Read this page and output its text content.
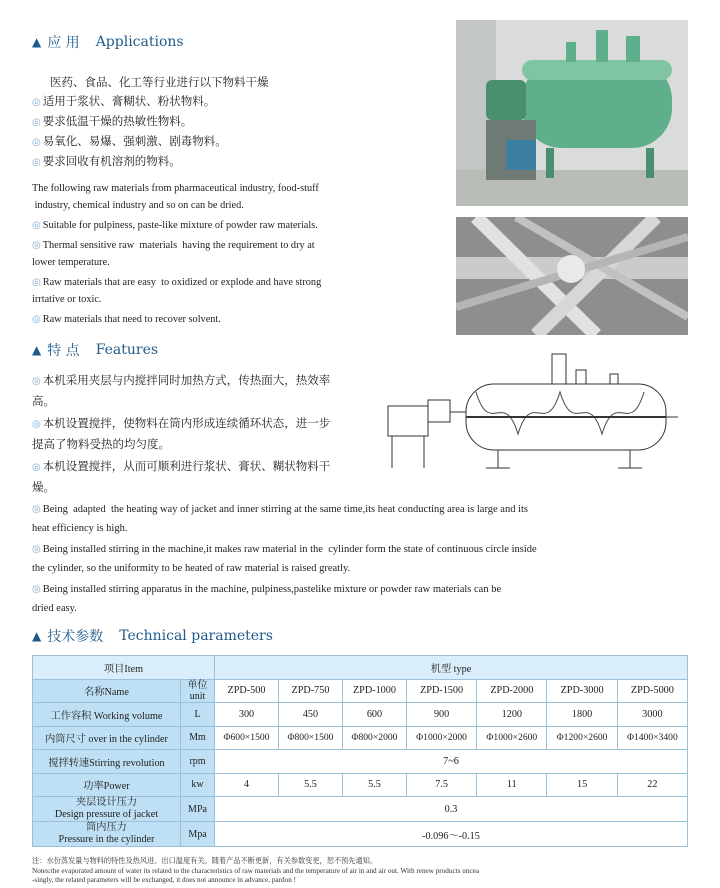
▲ 应 用 Applications
医药、食品、化工等行业进行以下物料干燥
◎ 适用于浆状、膏糊状、粉状物料。
◎ 要求低温干燥的热敏性物料。
◎ 易氧化、易爆、强刺激、剧毒物料。
◎ 要求回收有机溶剂的物料。
The following raw materials from pharmaceutical industry, food-stuff
industry, chemical industry and so on can be dried.
◎ Suitable for pulpiness, paste-like mixture of powder raw materials.
◎ Thermal sensitive raw  materials  having the requirement to dry at
lower temperature.
◎ Raw materials that are easy  to oxidized or explode and have strong
irrtative or toxic.
◎ Raw materials that need to recover solvent.
▲ 特 点 Features
◎ 本机采用夹层与内搅拌同时加热方式，传热面大，热效率
高。
◎ 本机设置搅拌，使物料在筒内形成连续循环状态，进一步
提高了物料受热的均匀度。
◎ 本机设置搅拌，从而可顺利进行浆状、膏状、糊状物料干
燥。
◎ Being  adapted  the heating way of jacket and inner stirring at the same time,its heat conducting area is large and its
heat efficiency is high.
◎ Being installed stirring in the machine,it makes raw material in the  cylinder form the state of continuous circle inside
the cylinder, so the uniformity to be heated of raw material is raised greatly.
◎ Being installed stirring apparatus in the machine, pulpiness,pastelike mixture or powder raw materials can be
dried easy.
▲ 技术参数 Technical parameters
项目Item		机型 type						
名称Name	单位
unit	ZPD-500	ZPD-750	ZPD-1000	ZPD-1500	ZPD-2000	ZPD-3000	ZPD-5000

工作容积 Working volume	L	300	450	600	900	1200	1800	3000

内筒尺寸 over in the cylinder	Mm	Φ600×1500	Φ800×1500	Φ800×2000	Φ1000×2000	Φ1000×2600	Φ1200×2600	Φ1400×3400

搅拌转速Stirring revolution	rpm	7~6						

功率Power	kw	4	5.5	5.5	7.5	11	15	22

夹层设计压力
Design pressure of jacket	MPa	0.3						

筒内压力
Pressure in the cylinder	Mpa	-0.096～-0.15						
注：水份蒸发量与物料的特性及热风进、出口温度有关。随着产品不断更新，有关参数变更，恕不预先通知。
Notes:the evaporated amount of water its related to the characteristics of raw materials and the temperature of air in and air out. With renew products uncea
-singly, the related parameters will be exchanged, it does not announce in advance, pardon !
